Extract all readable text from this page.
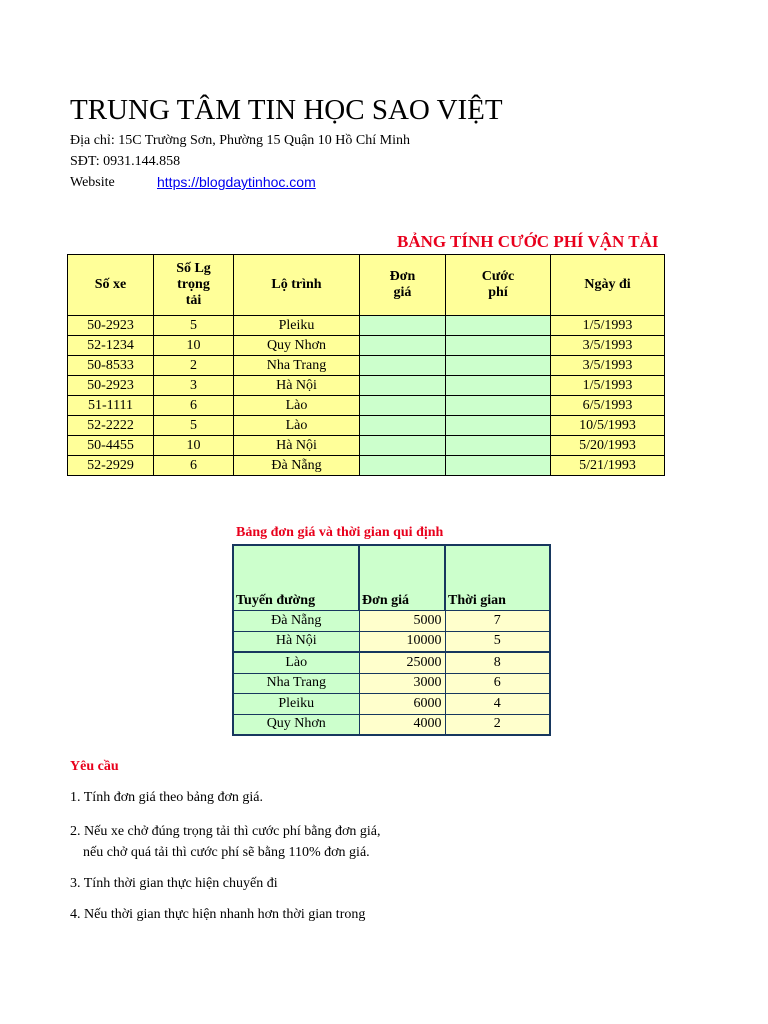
TRUNG TÂM TIN HỌC SAO VIỆT
Địa chỉ: 15C Trường Sơn, Phường 15 Quận 10 Hồ Chí Minh
SĐT: 0931.144.858
Website	https://blogdaytinhoc.com
BẢNG TÍNH CƯỚC PHÍ VẬN TẢI
Số xe	Số Lg trọng tải	Lộ trình	Đơn giá	Cước phí	Ngày đi
50-2923	5	Pleiku			1/5/1993
52-1234	10	Quy Nhơn			3/5/1993
50-8533	2	Nha Trang			3/5/1993
50-2923	3	Hà Nội			1/5/1993
51-1111	6	Lào			6/5/1993
52-2222	5	Lào			10/5/1993
50-4455	10	Hà Nội			5/20/1993
52-2929	6	Đà Nẵng			5/21/1993
Bảng đơn giá và thời gian qui định
Tuyến đường	Đơn giá	Thời gian
Đà Nẵng	5000	7
Hà Nội	10000	5
Lào	25000	8
Nha Trang	3000	6
Pleiku	6000	4
Quy Nhơn	4000	2
Yêu cầu
1. Tính đơn giá theo bảng đơn giá.
2. Nếu xe chở đúng trọng tải thì cước phí bằng đơn giá,
nếu chở quá tải thì cước phí sẽ bằng 110% đơn giá.
3. Tính thời gian thực hiện chuyến đi
4. Nếu thời gian thực hiện nhanh hơn thời gian trong
